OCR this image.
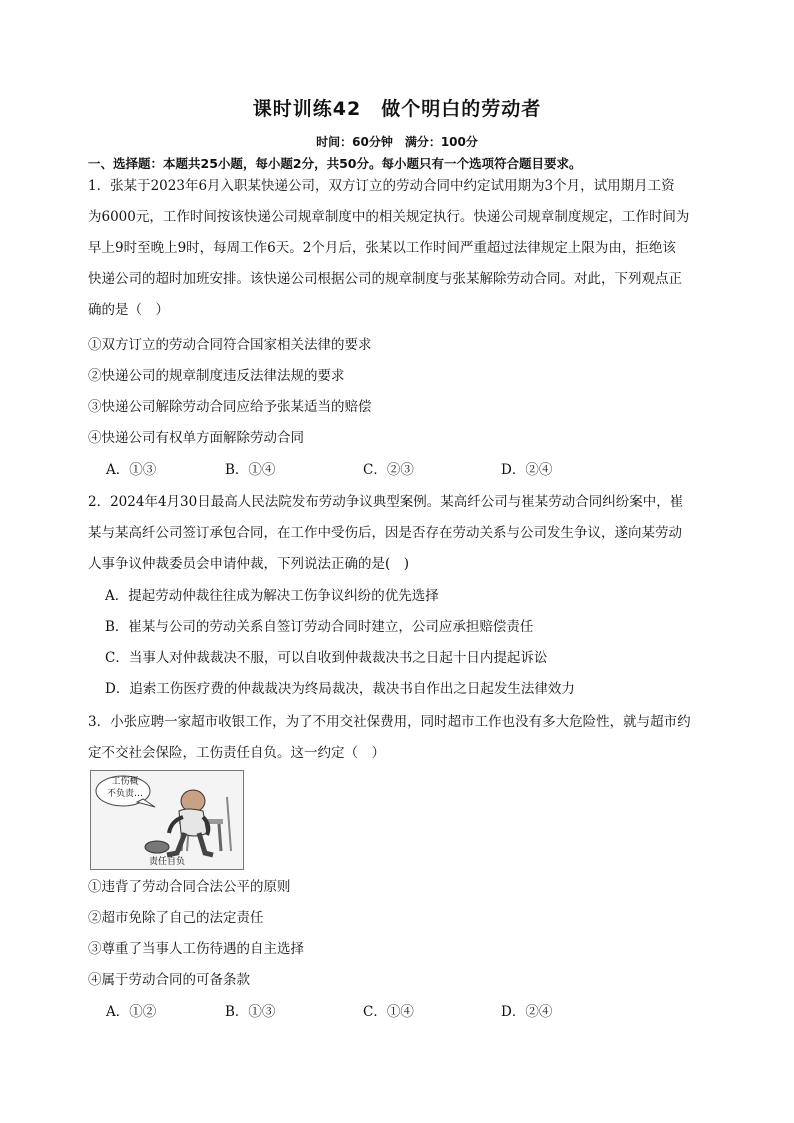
课时训练42　做个明白的劳动者
时间：60分钟　满分：100分
一、选择题：本题共25小题，每小题2分，共50分。每小题只有一个选项符合题目要求。
1．张某于2023年6月入职某快递公司，双方订立的劳动合同中约定试用期为3个月，试用期月工资
为6000元，工作时间按该快递公司规章制度中的相关规定执行。快递公司规章制度规定，工作时间为
早上9时至晚上9时，每周工作6天。2个月后，张某以工作时间严重超过法律规定上限为由，拒绝该
快递公司的超时加班安排。该快递公司根据公司的规章制度与张某解除劳动合同。对此，下列观点正
确的是（　）
①双方订立的劳动合同符合国家相关法律的要求
②快递公司的规章制度违反法律法规的要求
③快递公司解除劳动合同应给予张某适当的赔偿
④快递公司有权单方面解除劳动合同
A．①③	B．①④	C．②③	D．②④
2．2024年4月30日最高人民法院发布劳动争议典型案例。某高纤公司与崔某劳动合同纠纷案中，崔
某与某高纤公司签订承包合同，在工作中受伤后，因是否存在劳动关系与公司发生争议，遂向某劳动
人事争议仲裁委员会申请仲裁，下列说法正确的是(　)
A．提起劳动仲裁往往成为解决工伤争议纠纷的优先选择
B．崔某与公司的劳动关系自签订劳动合同时建立，公司应承担赔偿责任
C．当事人对仲裁裁决不服，可以自收到仲裁裁决书之日起十日内提起诉讼
D．追索工伤医疗费的仲裁裁决为终局裁决，裁决书自作出之日起发生法律效力
3．小张应聘一家超市收银工作，为了不用交社保费用，同时超市工作也没有多大危险性，就与超市约
定不交社会保险，工伤责任自负。这一约定（　）
工伤概
不负责…
责任自负
①违背了劳动合同合法公平的原则
②超市免除了自己的法定责任
③尊重了当事人工伤待遇的自主选择
④属于劳动合同的可备条款
A．①②	B．①③	C．①④	D．②④
